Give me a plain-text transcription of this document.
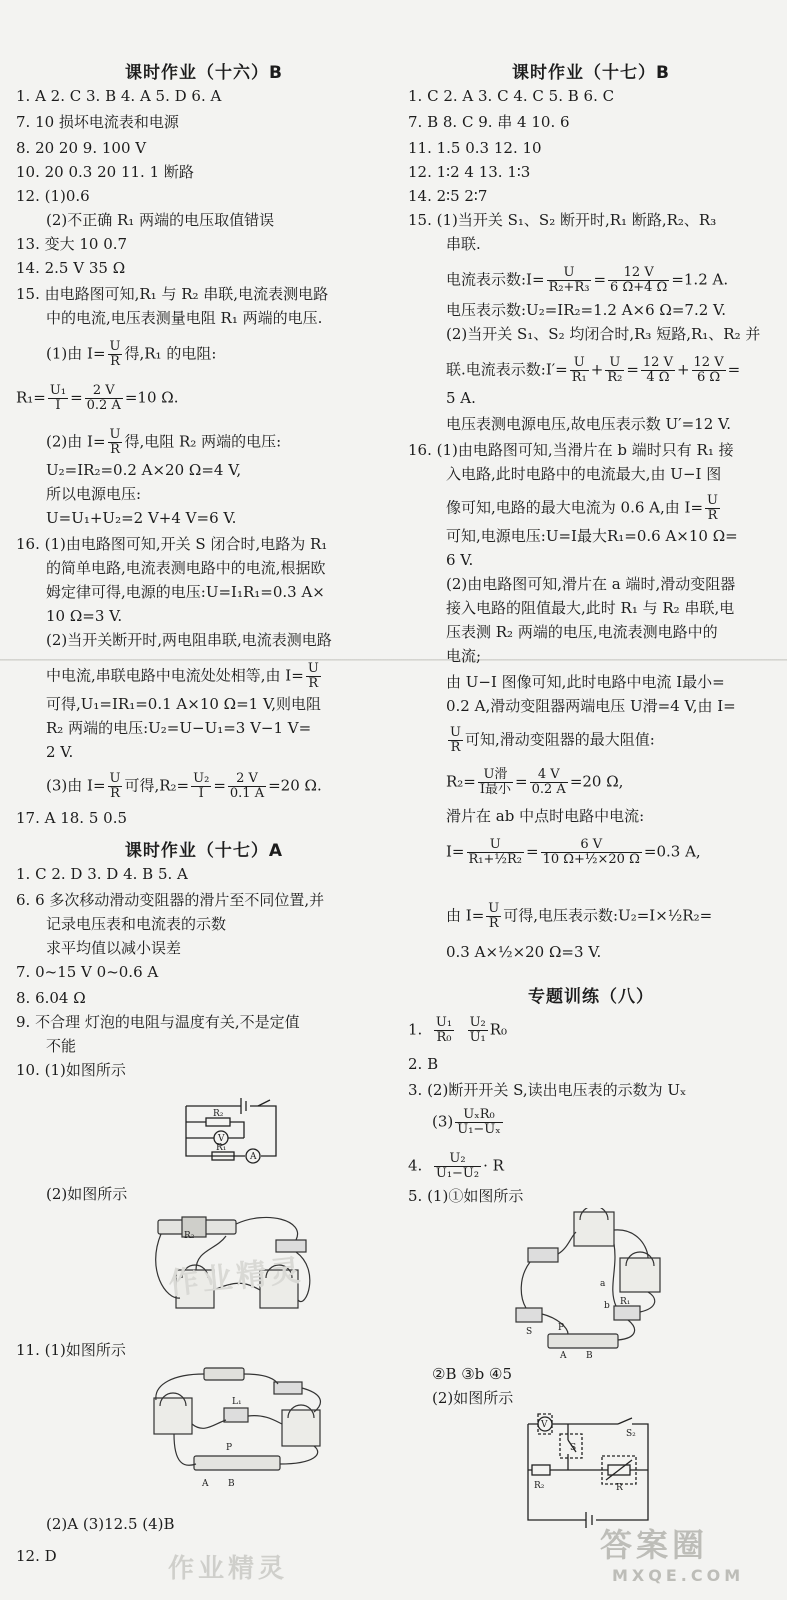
课时作业（十六）B
1. A 2. C 3. B 4. A 5. D 6. A
7. 10 损坏电流表和电源
8. 20 20 9. 100 V
10. 20 0.3 20 11. 1 断路
12. (1)0.6
(2)不正确 R₁ 两端的电压取值错误
13. 变大 10 0.7
14. 2.5 V 35 Ω
15. 由电路图可知,R₁ 与 R₂ 串联,电流表测电路
中的电流,电压表测量电阻 R₁ 两端的电压.
(1)由 $I= \frac{U}{R}$ 得,R₁ 的电阻:
$R_1= \frac{\text{U₁}}{I} = \frac{2 V}{0.2 A} =10$ Ω.
(2)由 $I= \frac{U}{R}$ 得,电阻 R₂ 两端的电压:
U₂=IR₂=0.2 A×20 Ω=4 V,
所以电源电压:
U=U₁+U₂=2 V+4 V=6 V.
16. (1)由电路图可知,开关 S 闭合时,电路为 R₁
的简单电路,电流表测电路中的电流,根据欧
姆定律可得,电源的电压:U=I₁R₁=0.3 A×
10 Ω=3 V.
(2)当开关断开时,两电阻串联,电流表测电路
中电流,串联电路中电流处处相等,由 $I= \frac{U}{R}$
可得,U₁=IR₁=0.1 A×10 Ω=1 V,则电阻
R₂ 两端的电压:U₂=U−U₁=3 V−1 V=
2 V.
(3)由 $I= \frac{U}{R}$ 可得$,R_2= \frac{\text{U₂}}{I} = \frac{2 V}{0.1 A} =20$ Ω.
17. A 18. 5 0.5
课时作业（十七）A
1. C 2. D 3. D 4. B 5. A
6. 6 多次移动滑动变阻器的滑片至不同位置,并
记录电压表和电流表的示数
求平均值以减小误差
7. 0~15 V 0~0.6 A
8. 6.04 Ω
9. 不合理 灯泡的电阻与温度有关,不是定值
不能
10. (1)如图所示
R₂
V
R₁
A
(2)如图所示
R₂
11. (1)如图所示
L₁
P
A B
(2)A (3)12.5 (4)B
12. D
课时作业（十七）B
1. C 2. A 3. C 4. C 5. B 6. C
7. B 8. C 9. 串 4 10. 6
11. 1.5 0.3 12. 10
12. 1∶2 4 13. 1∶3
14. 2∶5 2∶7
15. (1)当开关 S₁、S₂ 断开时,R₁ 断路,R₂、R₃
串联.
电流表示数:I= $\frac{U}{\text{R₂+R₃}} = \frac{12 V}{6 \Omega+4 \Omega} =1.2$ A.
电压表示数:U₂=IR₂=1.2 A×6 Ω=7.2 V.
(2)当开关 S₁、S₂ 均闭合时,R₃ 短路,R₁、R₂ 并
联.电流表示数:I′= $\frac{U}{\text{R₁}} + \frac{U}{\text{R₂}} = \frac{12 V}{4 \Omega} + \frac{12 V}{6 \Omega}$ =
5 A.
电压表测电源电压,故电压表示数 U′=12 V.
16. (1)由电路图可知,当滑片在 b 端时只有 R₁ 接
入电路,此时电路中的电流最大,由 U−I 图
像可知,电路的最大电流为 0.6 A,由 $I= \frac{U}{R}$
可知,电源电压:U=I最大R₁=0.6 A×10 Ω=
6 V.
(2)由电路图可知,滑片在 a 端时,滑动变阻器
接入电路的阻值最大,此时 R₁ 与 R₂ 串联,电
压表测 R₂ 两端的电压,电流表测电路中的
电流;
由 U−I 图像可知,此时电路中电流 I最小=
0.2 A,滑动变阻器两端电压 U滑=4 V,由 I=
$\frac{U}{R}$ 可知,滑动变阻器的最大阻值:
$R_2= \frac{\text{U滑}}{\text{I最小}} = \frac{4 V}{0.2 A} =20$ Ω,
滑片在 ab 中点时电路中电流:
$I= \frac{U}{\text{R₁+½R₂}} = \frac{6 V}{\text{10 Ω+½×20 Ω}} =0.3$ A,
由 $I= \frac{U}{R}$ 可得,电压表示数:U₂=I×½R₂=
0.3 A×½×20 Ω=3 V.
专题训练（八）
1. $\frac{\text{U₁}}{\text{R₀}}$
$\frac{\text{U₂}}{\text{U₁}} R_0$
2. B
3. (2)断开开关 S,读出电压表的示数为 Uₓ
$(3) \frac{\text{UₓR₀}}{\text{U₁−Uₓ}}$
4. $\frac{\text{U₂}}{\text{U₁−U₂}} \cdot R$
5. (1)①如图所示
a
b R₁
S	P
A B
②B ③b ④5
(2)如图所示
V
S
S₂
R₂	R
作业精灵
作业精灵
答案圈
MXQE.COM
